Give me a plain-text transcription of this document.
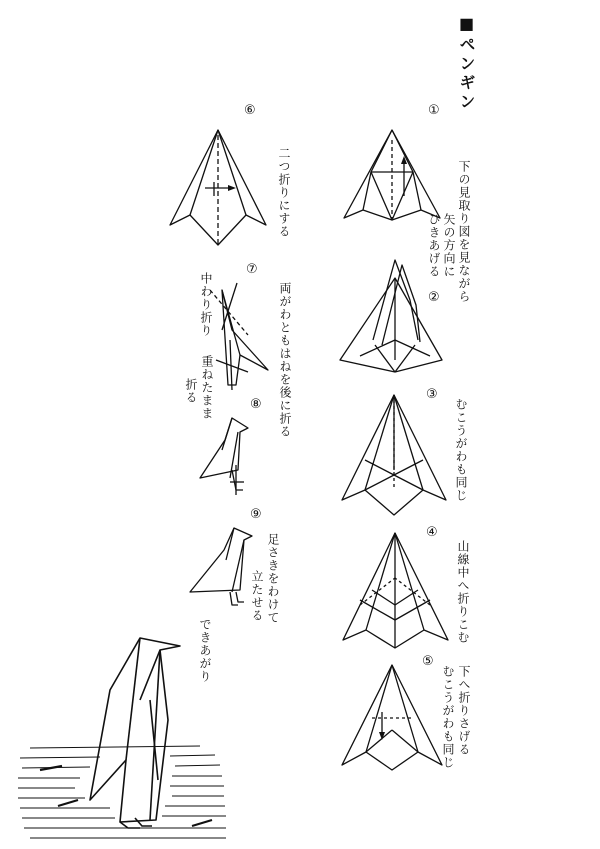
■ペンギン
①
②
③
④
⑤
⑥
⑦
⑧
⑨
下の見取り図を見ながら
矢の方向に
ひきあげる
むこうがわも同じ
山線中へ折りこむ
下へ折りさげる
むこうがわも同じ
二つ折りにする
両がわともはねを後に折る
重ねたまま
折る
中わり折り
足さきをわけて
立たせる
できあがり
